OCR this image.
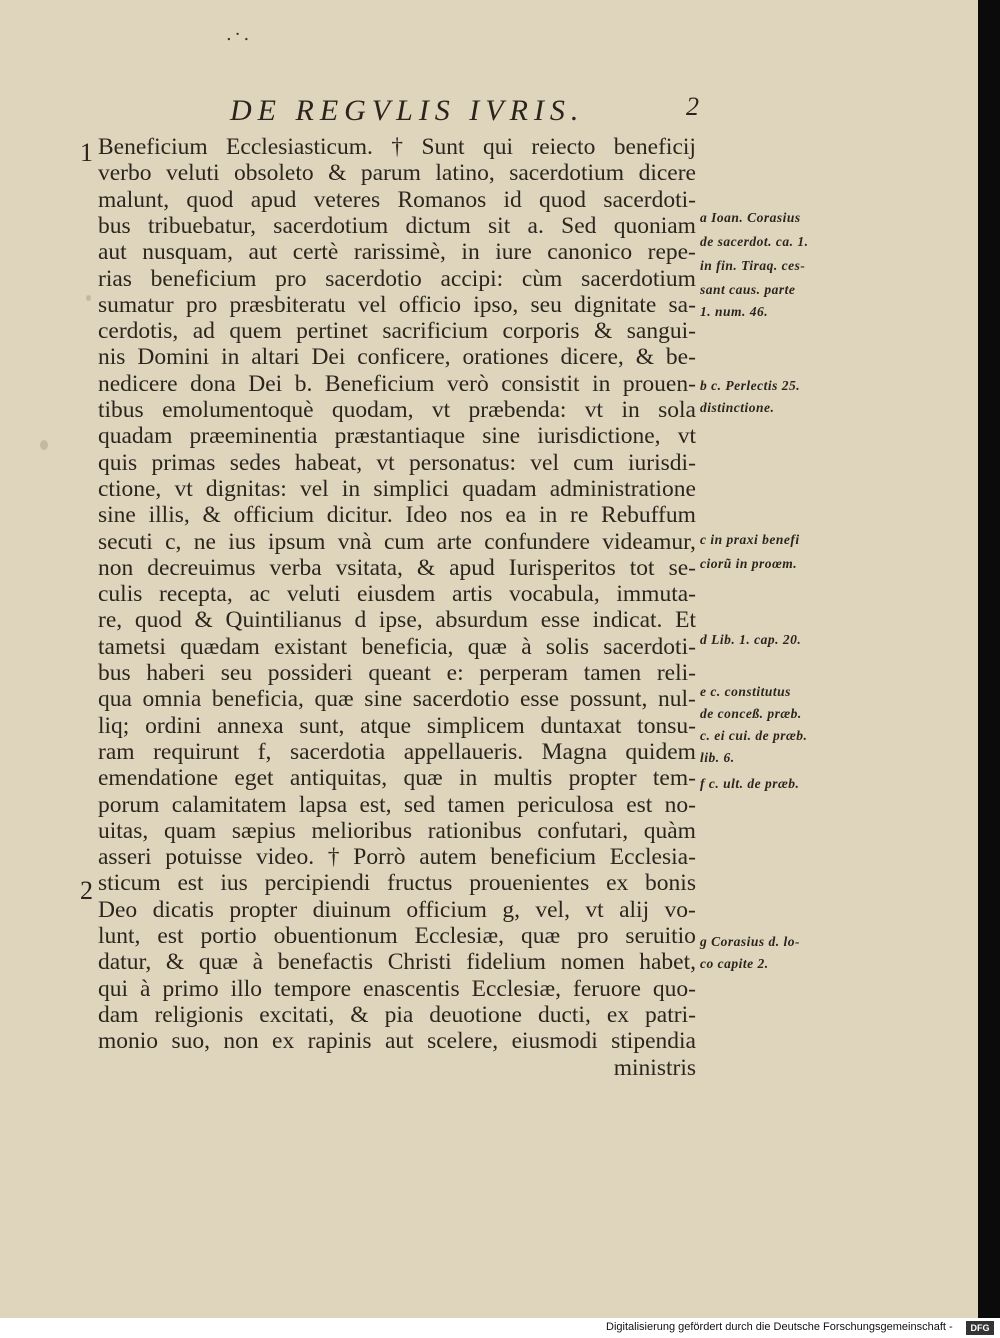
.·.
DE REGVLIS IVRIS.	2
1
2
Beneficium Ecclesiasticum. † Sunt qui reiecto beneficij
verbo veluti obsoleto & parum latino, sacerdotium dicere
malunt, quod apud veteres Romanos id quod sacerdoti-
bus tribuebatur, sacerdotium dictum sit a. Sed quoniam
aut nusquam, aut certè rarissimè, in iure canonico repe-
rias beneficium pro sacerdotio accipi: cùm sacerdotium
sumatur pro præsbiteratu vel officio ipso, seu dignitate sa-
cerdotis, ad quem pertinet sacrificium corporis & sangui-
nis Domini in altari Dei conficere, orationes dicere, & be-
nedicere dona Dei b. Beneficium verò consistit in prouen-
tibus emolumentoquè quodam, vt præbenda: vt in sola
quadam præeminentia præstantiaque sine iurisdictione, vt
quis primas sedes habeat, vt personatus: vel cum iurisdi-
ctione, vt dignitas: vel in simplici quadam administratione
sine illis, & officium dicitur. Ideo nos ea in re Rebuffum
secuti c, ne ius ipsum vnà cum arte confundere videamur,
non decreuimus verba vsitata, & apud Iurisperitos tot se-
culis recepta, ac veluti eiusdem artis vocabula, immuta-
re, quod & Quintilianus d ipse, absurdum esse indicat. Et
tametsi quædam existant beneficia, quæ à solis sacerdoti-
bus haberi seu possideri queant e: perperam tamen reli-
qua omnia beneficia, quæ sine sacerdotio esse possunt, nul-
liq; ordini annexa sunt, atque simplicem duntaxat tonsu-
ram requirunt f, sacerdotia appellaueris. Magna quidem
emendatione eget antiquitas, quæ in multis propter tem-
porum calamitatem lapsa est, sed tamen periculosa est no-
uitas, quam sæpius melioribus rationibus confutari, quàm
asseri potuisse video. † Porrò autem beneficium Ecclesia-
sticum est ius percipiendi fructus prouenientes ex bonis
Deo dicatis propter diuinum officium g, vel, vt alij vo-
lunt, est portio obuentionum Ecclesiæ, quæ pro seruitio
datur, & quæ à benefactis Christi fidelium nomen habet,
qui à primo illo tempore enascentis Ecclesiæ, feruore quo-
dam religionis excitati, & pia deuotione ducti, ex patri-
monio suo, non ex rapinis aut scelere, eiusmodi stipendia
ministris
a Ioan. Corasius
de sacerdot. ca. 1.
in fin. Tiraq. ces-
sant caus. parte
1. num. 46.
b c. Perlectis 25.
distinctione.
c in praxi benefi
ciorũ in proœm.
d Lib. 1. cap. 20.
e c. constitutus
de conceß. præb.
c. ei cui. de præb.
lib. 6.
f c. ult. de præb.
g Corasius d. lo-
co capite 2.
Digitalisierung gefördert durch die Deutsche Forschungsgemeinschaft -	DFG
